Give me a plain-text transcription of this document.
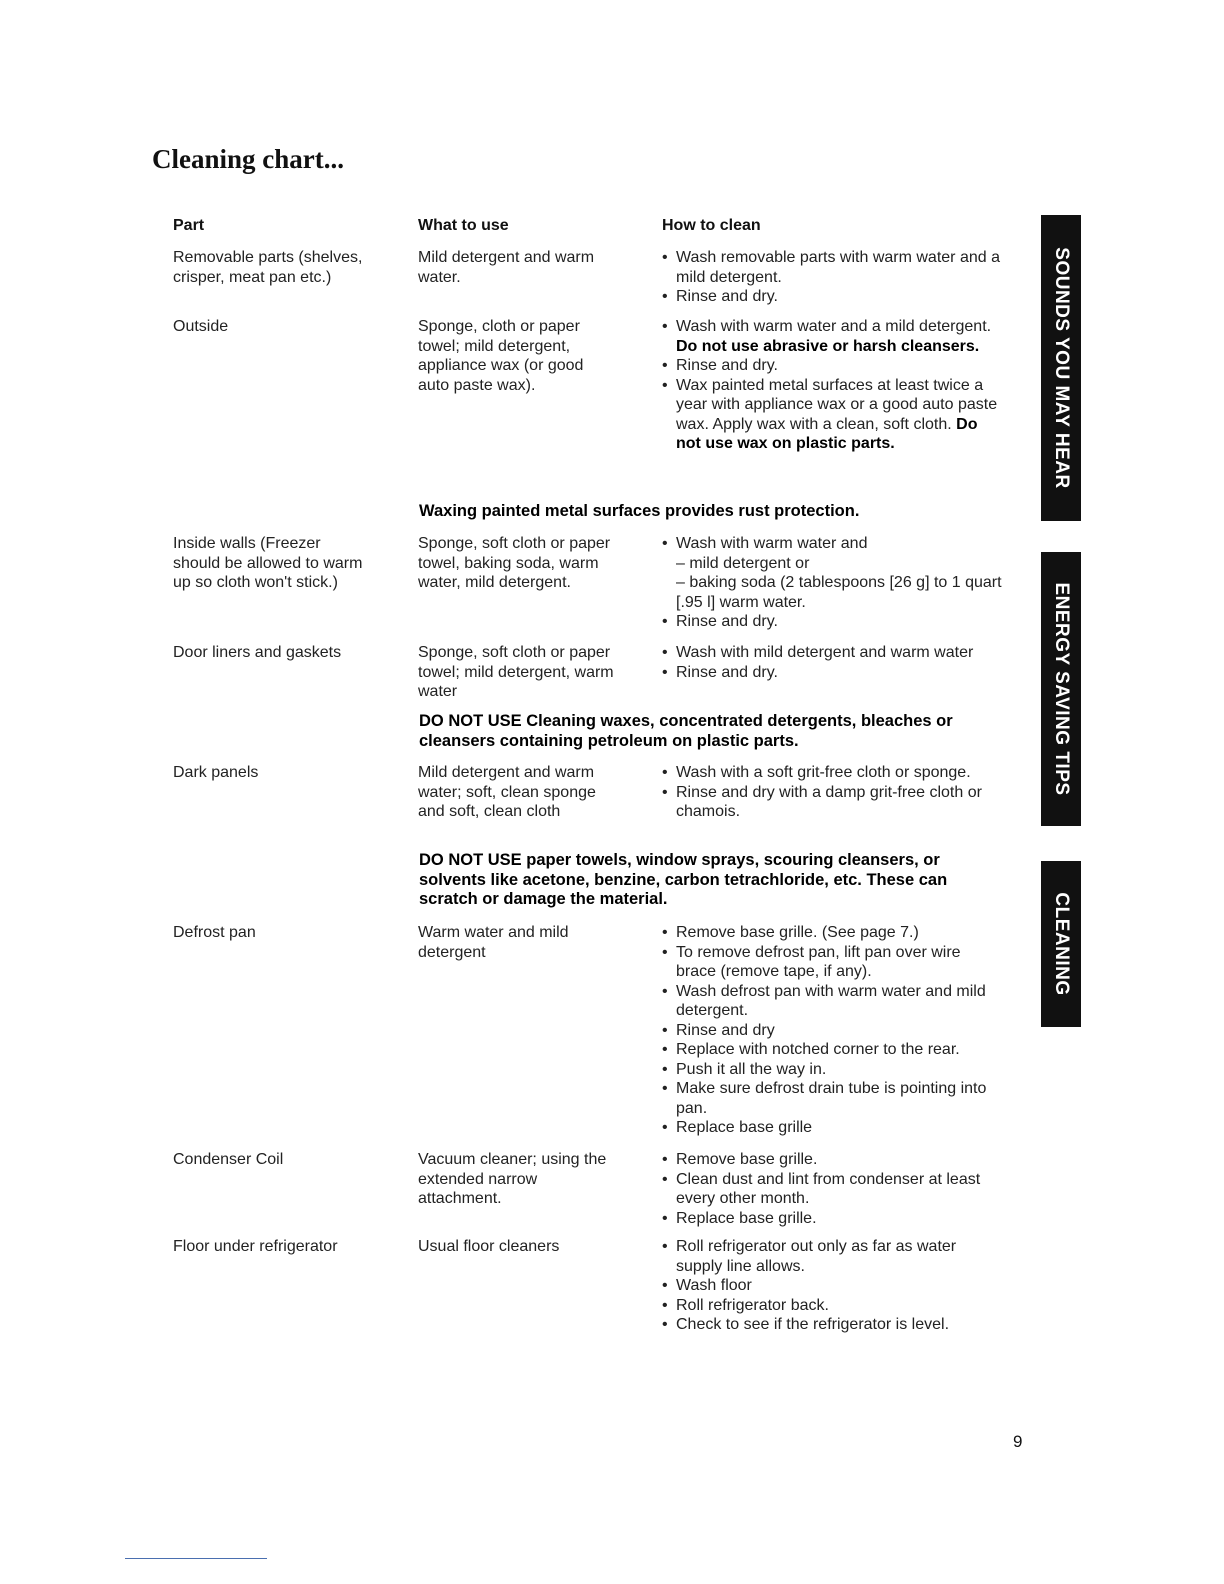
Cleaning chart...
Part	What to use	How to clean
Removable parts (shelves, crisper, meat pan etc.)
Mild detergent and warm water.
• Wash removable parts with warm water and a mild detergent.
• Rinse and dry.
Outside	Sponge, cloth or paper towel; mild detergent, appliance wax (or good auto paste wax).
• Wash with warm water and a mild detergent. Do not use abrasive or harsh cleansers.
• Rinse and dry.
• Wax painted metal surfaces at least twice a year with appliance wax or a good auto paste wax. Apply wax with a clean, soft cloth. Do not use wax on plastic parts.
Inside walls (Freezer should be allowed to warm up so cloth won't stick.)
Sponge, soft cloth or paper towel, baking soda, warm water, mild detergent.
• Wash with warm water and
– mild detergent or
– baking soda (2 tablespoons [26 g] to 1 quart [.95 l] warm water.
• Rinse and dry.
Door liners and gaskets	Sponge, soft cloth or paper towel; mild detergent, warm water
• Wash with mild detergent and warm water
• Rinse and dry.
Dark panels	Mild detergent and warm water; soft, clean sponge and soft, clean cloth
• Wash with a soft grit-free cloth or sponge.
• Rinse and dry with a damp grit-free cloth or chamois.
Defrost pan	Warm water and mild detergent
• Remove base grille. (See page 7.)
• To remove defrost pan, lift pan over wire brace (remove tape, if any).
• Wash defrost pan with warm water and mild detergent.
• Rinse and dry
• Replace with notched corner to the rear.
• Push it all the way in.
• Make sure defrost drain tube is pointing into pan.
• Replace base grille
Condenser Coil	Vacuum cleaner; using the extended narrow attachment.
• Remove base grille.
• Clean dust and lint from condenser at least every other month.
• Replace base grille.
Floor under refrigerator	Usual floor cleaners
•	Roll refrigerator out only as far as water supply line allows.
• Wash floor
• Roll refrigerator back.
• Check to see if the refrigerator is level.
Waxing painted metal surfaces provides rust protection.
DO NOT USE Cleaning waxes, concentrated detergents, bleaches or cleansers containing petroleum on plastic parts.
DO NOT USE paper towels, window sprays, scouring cleansers, or solvents like acetone, benzine, carbon tetrachloride, etc. These can scratch or damage the material.
SOUNDS YOU MAY HEAR
ENERGY SAVING TIPS
CLEANING
9
